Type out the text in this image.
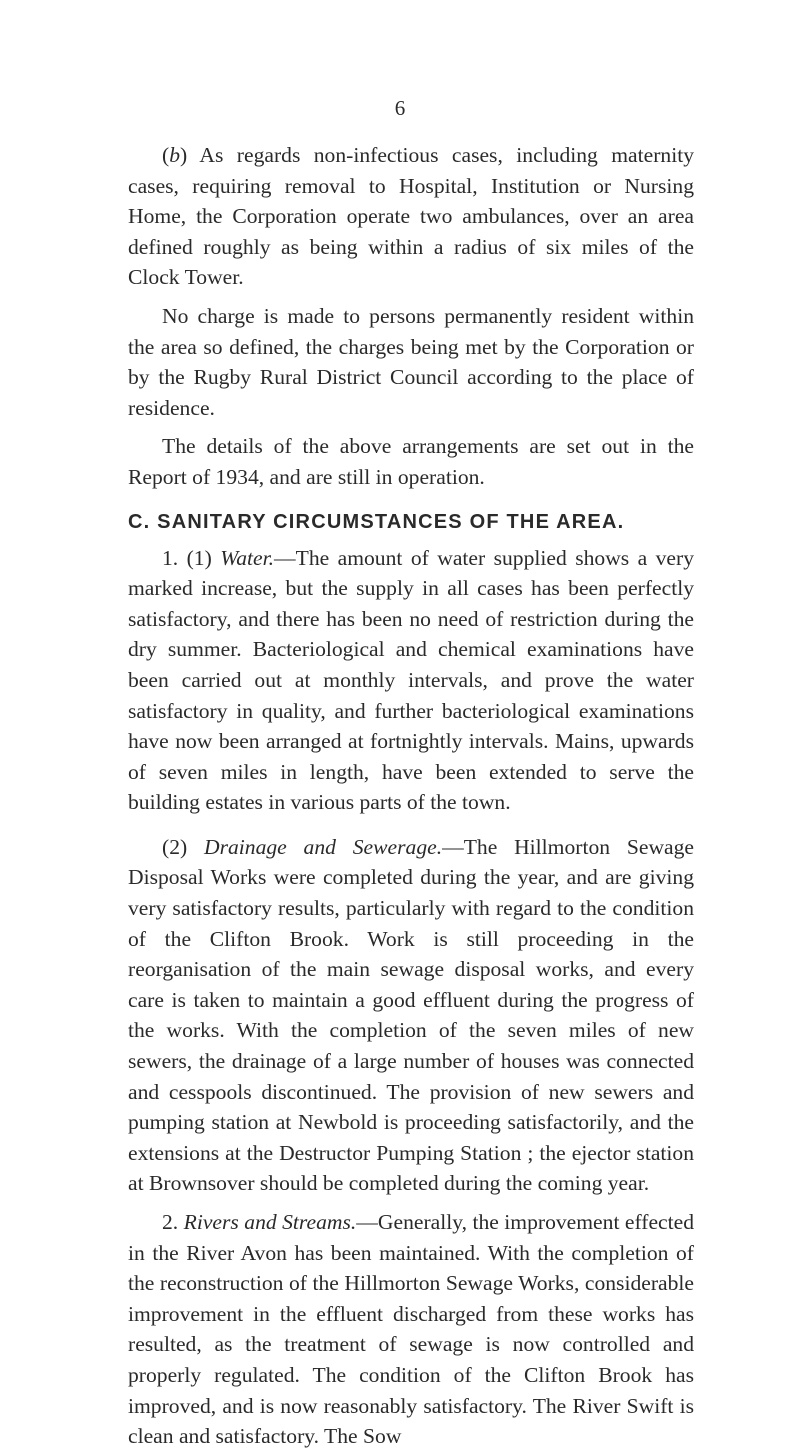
6

(b) As regards non-infectious cases, including maternity cases, requiring removal to Hospital, Institution or Nursing Home, the Corporation operate two ambulances, over an area defined roughly as being within a radius of six miles of the Clock Tower.

No charge is made to persons permanently resident within the area so defined, the charges being met by the Corporation or by the Rugby Rural District Council according to the place of residence.

The details of the above arrangements are set out in the Report of 1934, and are still in operation.

C. SANITARY CIRCUMSTANCES OF THE AREA.

1. (1) Water.—The amount of water supplied shows a very marked increase, but the supply in all cases has been perfectly satisfactory, and there has been no need of restriction during the dry summer. Bacteriological and chemical examinations have been carried out at monthly intervals, and prove the water satisfactory in quality, and further bacteriological examinations have now been arranged at fortnightly intervals. Mains, upwards of seven miles in length, have been extended to serve the building estates in various parts of the town.

(2) Drainage and Sewerage.—The Hillmorton Sewage Disposal Works were completed during the year, and are giving very satisfactory results, particularly with regard to the condition of the Clifton Brook. Work is still proceeding in the reorganisation of the main sewage disposal works, and every care is taken to maintain a good effluent during the progress of the works. With the completion of the seven miles of new sewers, the drainage of a large number of houses was connected and cesspools discontinued. The provision of new sewers and pumping station at Newbold is proceeding satisfactorily, and the extensions at the Destructor Pumping Station ; the ejector station at Brownsover should be completed during the coming year.

2. Rivers and Streams.—Generally, the improvement effected in the River Avon has been maintained. With the completion of the reconstruction of the Hillmorton Sewage Works, considerable improvement in the effluent discharged from these works has resulted, as the treatment of sewage is now controlled and properly regulated. The condition of the Clifton Brook has improved, and is now reasonably satisfactory. The River Swift is clean and satisfactory. The Sow
